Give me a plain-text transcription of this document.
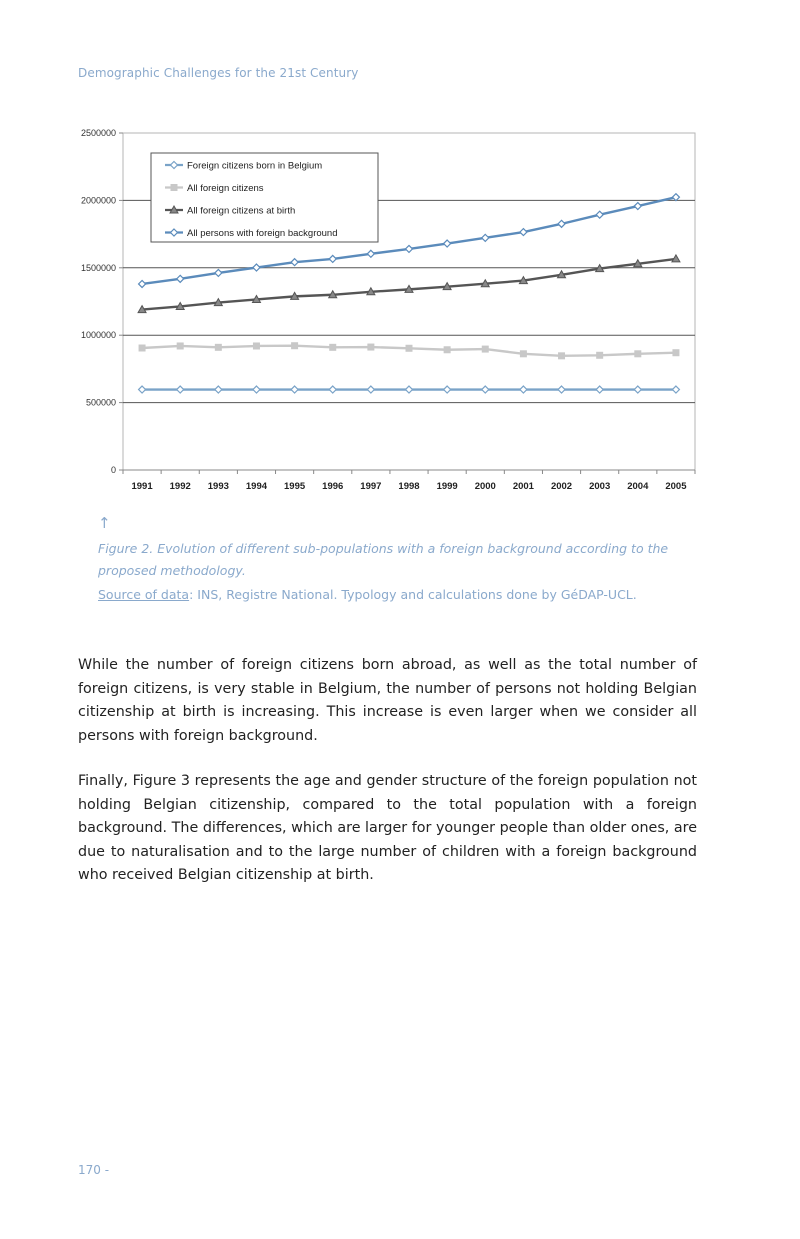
Demographic Challenges for the 21st Century
0
500000
1000000
1500000
2000000
2500000
1991 1992 1993 1994 1995 1996 1997 1998 1999 2000 2001 2002 2003 2004 2005
Foreign citizens born in Belgium
All foreign citizens
All foreign citizens at birth
All persons with foreign background
↑
Figure 2. Evolution of different sub-populations with a foreign background according to the proposed methodology.
Source of data: INS, Registre National. Typology and calculations done by GéDAP-UCL.

While the number of foreign citizens born abroad, as well as the total number of foreign citizens, is very stable in Belgium, the number of persons not holding Belgian citizenship at birth is increasing. This increase is even larger when we consider all persons with foreign background.

Finally, Figure 3 represents the age and gender structure of the foreign population not holding Belgian citizenship, compared to the total population with a foreign background. The differences, which are larger for younger people than older ones, are due to naturalisation and to the large number of children with a foreign background who received Belgian citizenship at birth.

170 -
